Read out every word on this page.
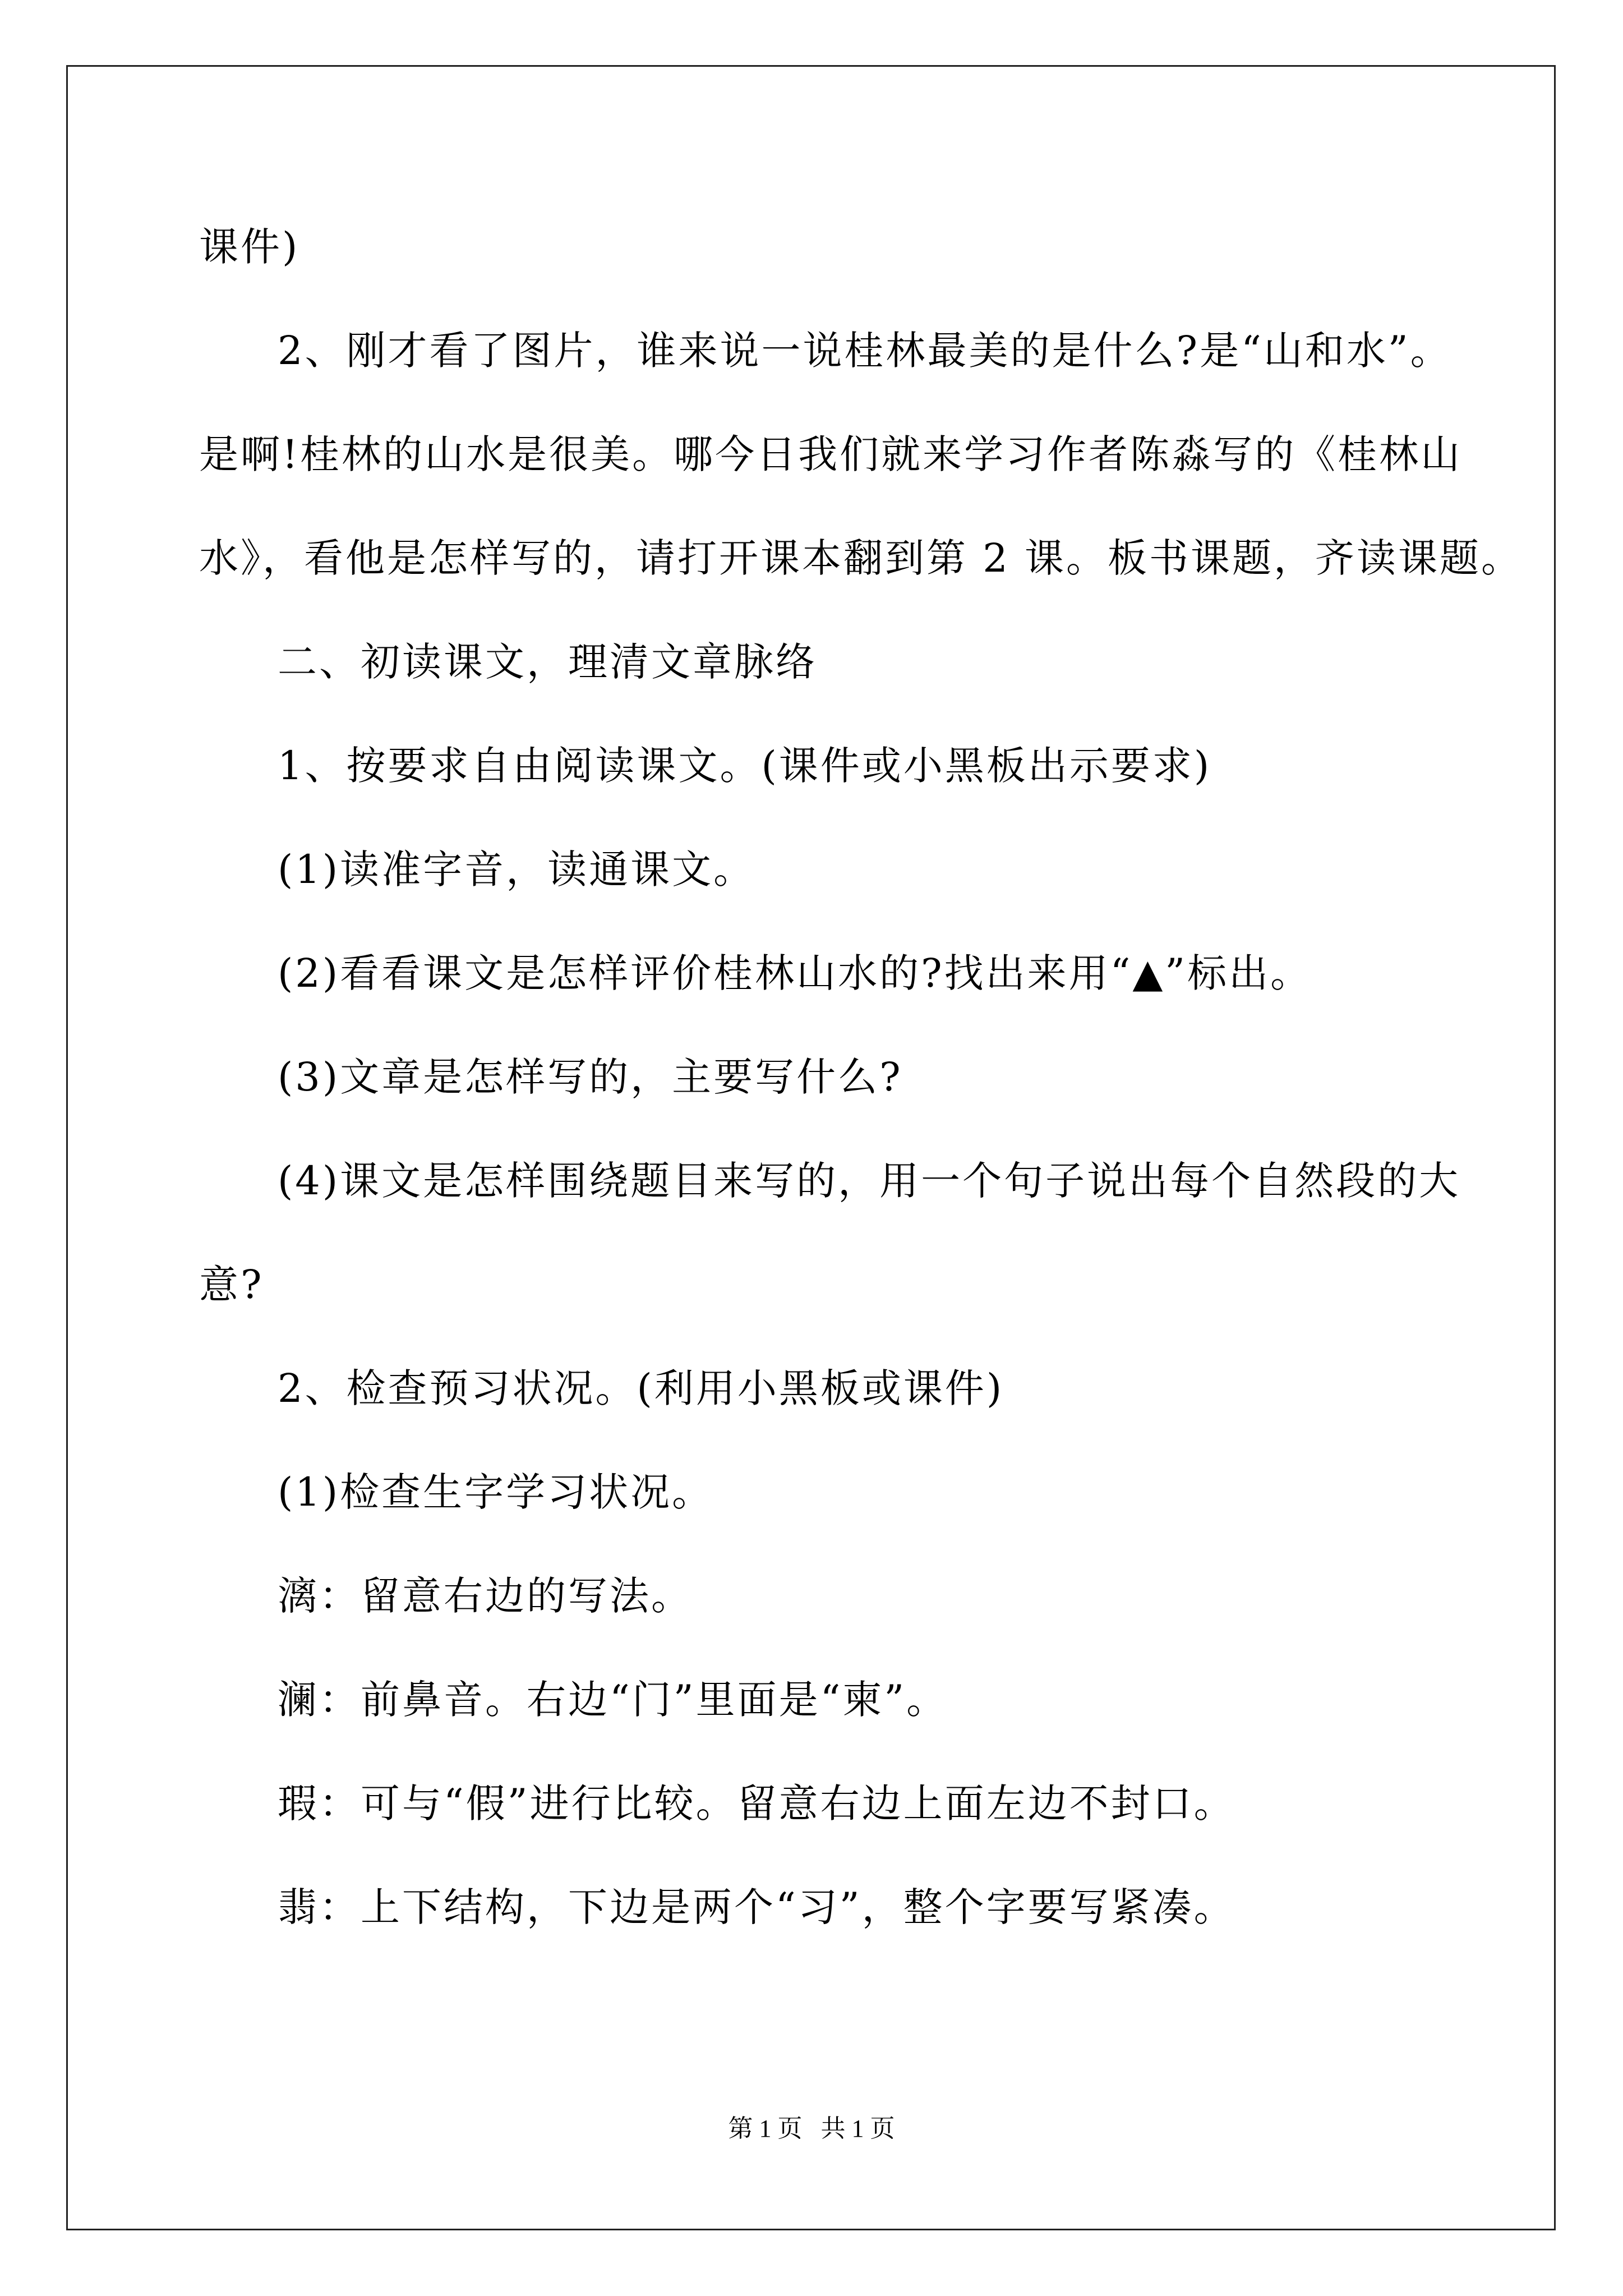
课件)
2、刚才看了图片，谁来说一说桂林最美的是什么?是“山和水”。
是啊!桂林的山水是很美。哪今日我们就来学习作者陈淼写的《桂林山
水》，看他是怎样写的，请打开课本翻到第 2 课。板书课题，齐读课题。
二、初读课文，理清文章脉络
1、按要求自由阅读课文。(课件或小黑板出示要求)
(1)读准字音，读通课文。
(2)看看课文是怎样评价桂林山水的?找出来用“▲”标出。
(3)文章是怎样写的，主要写什么?
(4)课文是怎样围绕题目来写的，用一个句子说出每个自然段的大
意?
2、检查预习状况。(利用小黑板或课件)
(1)检查生字学习状况。
漓：留意右边的写法。
澜：前鼻音。右边“门”里面是“柬”。
瑕：可与“假”进行比较。留意右边上面左边不封口。
翡：上下结构，下边是两个“习”，整个字要写紧凑。
第 1 页   共 1 页
